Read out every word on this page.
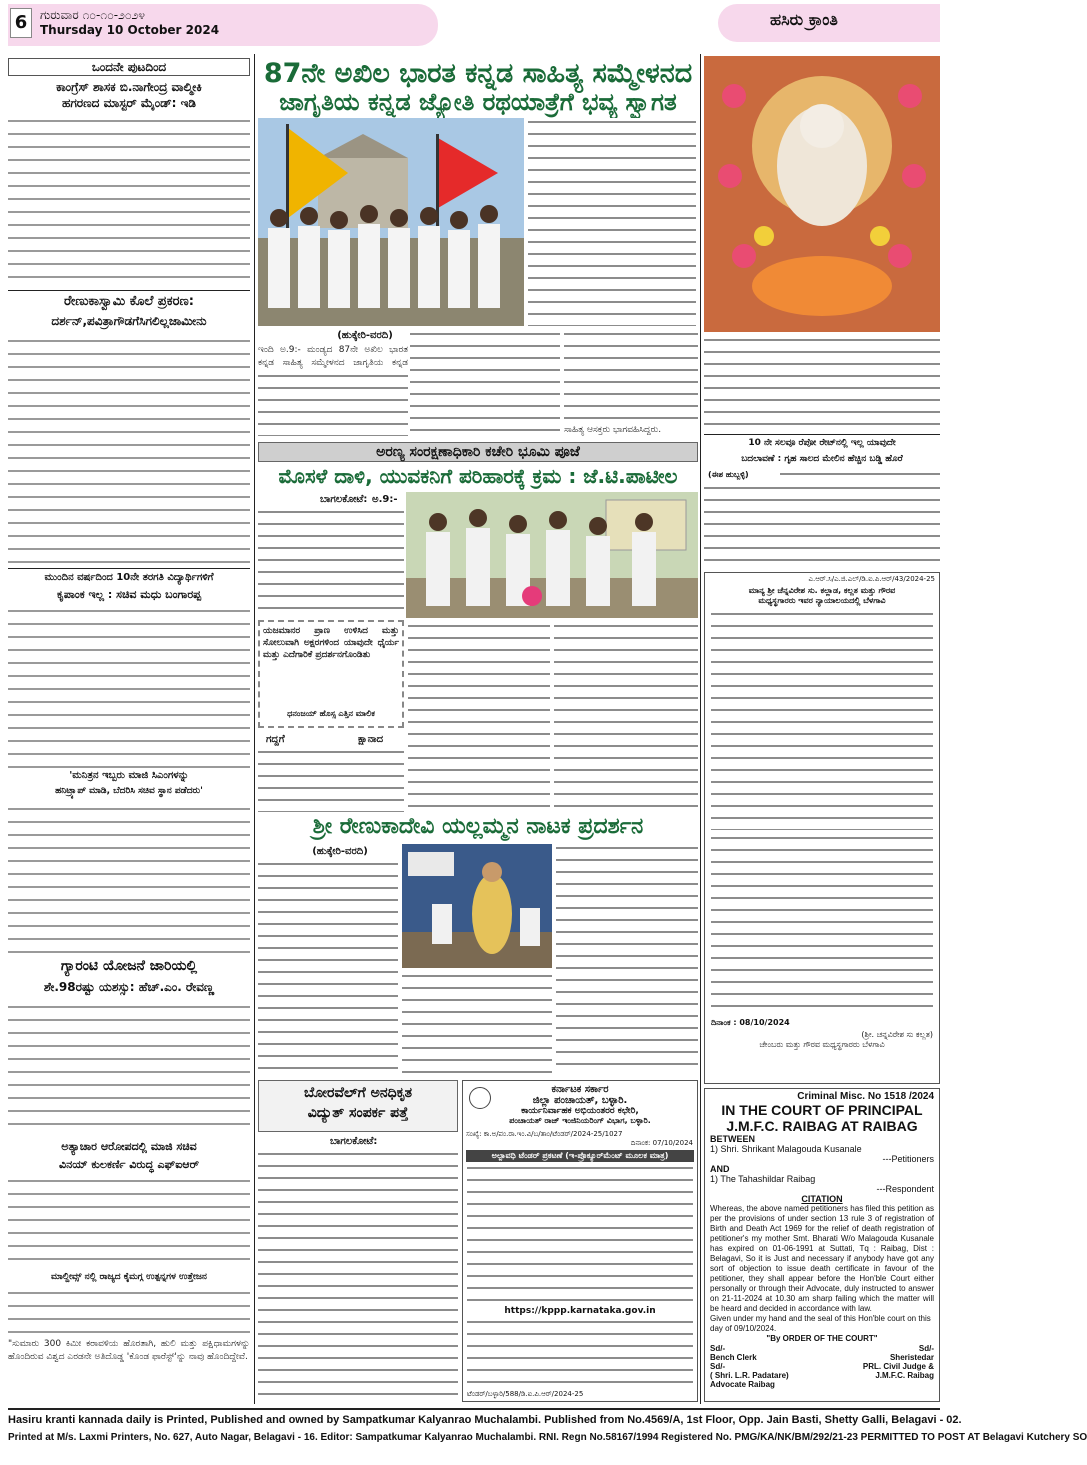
6	ಗುರುವಾರ ೧೦-೧೦-೨೦೨೪
Thursday 10 October 2024
ಹಸಿರು ಕ್ರಾಂತಿ
ಒಂದನೇ ಪುಟದಿಂದ
ಕಾಂಗ್ರೆಸ್ ಶಾಸಕ ಬಿ.ನಾಗೇಂದ್ರ ವಾಲ್ಮೀಕಿ
ಹಗರಣದ ಮಾಸ್ಟರ್ ಮೈಂಡ್: ಇಡಿ
ರೇಣುಕಾಸ್ವಾಮಿ ಕೊಲೆ ಪ್ರಕರಣ:
ದರ್ಶನ್,ಪವಿತ್ರಾಗೌಡಗೆಸಿಗಲಿಲ್ಲಜಾಮೀನು
ಮುಂದಿನ ವರ್ಷದಿಂದ 10ನೇ ತರಗತಿ ವಿದ್ಯಾರ್ಥಿಗಳಿಗೆ
ಕೃಪಾಂಕ ಇಲ್ಲ : ಸಚಿವ ಮಧು ಬಂಗಾರಪ್ಪ
'ಮನಿತ್ರನ ಇಬ್ಬರು ಮಾಜಿ ಸಿಎಂಗಳನ್ನು
ಹನಿಟ್ರ್ಯಾಪ್ ಮಾಡಿ, ಬೆದರಿಸಿ ಸಚಿವ ಸ್ಥಾನ ಪಡೆದರು'
ಗ್ಯಾರಂಟಿ ಯೋಜನೆ ಜಾರಿಯಲ್ಲಿ
ಶೇ.98ರಷ್ಟು ಯಶಸ್ಸು: ಹೆಚ್.ಎಂ. ರೇವಣ್ಣ
ಅತ್ಯಾಚಾರ ಆರೋಪದಲ್ಲಿ ಮಾಜಿ ಸಚಿವ
ವಿನಯ್ ಕುಲಕರ್ಣಿ ವಿರುದ್ಧ ಎಫ್‌ಐಆರ್
ಮಾಲ್ದೀವ್ಸ್ ನಲ್ಲಿ ರಾಜ್ಯದ ಕೈಮಗ್ಗ ಉತ್ಪನ್ನಗಳ ಉತ್ತೇಜನ
"ಸುಮಾರು 300 ಕಿಮೀ ಕರಾವಳಿಯ ಹೊರತಾಗಿ, ಹುಲಿ ಮತ್ತು ಪಕ್ಷಿಧಾಮಗಳನ್ನು ಹೊಂದಿರುವ ವಿಶ್ವದ ಎರಡನೇ ಅತಿದೊಡ್ಡ 'ಕೊಂಡ ಫಾರೆಸ್ಟ್'ನ್ನು ನಾವು ಹೊಂದಿದ್ದೇವೆ.
87ನೇ ಅಖಿಲ ಭಾರತ ಕನ್ನಡ ಸಾಹಿತ್ಯ ಸಮ್ಮೇಳನದ
ಜಾಗೃತಿಯ ಕನ್ನಡ ಜ್ಯೋತಿ ರಥಯಾತ್ರೆಗೆ ಭವ್ಯ ಸ್ವಾಗತ
(ಹುಕ್ಕೇರಿ-ವರದಿ)
ಇಂದಿ ಅ.9:- ಮಂಡ್ಯದ 87ನೇ ಅಖಿಲ ಭಾರತ ಕನ್ನಡ ಸಾಹಿತ್ಯ ಸಮ್ಮೇಳನದ ಜಾಗೃತಿಯ ಕನ್ನಡ
ಸಾಹಿತ್ಯ ಆಸಕ್ತರು ಭಾಗವಹಿಸಿದ್ದರು.
ಅರಣ್ಯ ಸಂರಕ್ಷಣಾಧಿಕಾರಿ ಕಚೇರಿ ಭೂಮಿ ಪೂಜೆ
ಮೊಸಳೆ ದಾಳಿ, ಯುವಕನಿಗೆ ಪರಿಹಾರಕ್ಕೆ ಕ್ರಮ : ಜೆ.ಟಿ.ಪಾಟೀಲ
ಬಾಗಲಕೋಟೆ: ಅ.9:-
ಯಜಮಾನರ ಪ್ರಾಣ ಉಳಿಸಿದ ಮತ್ತು ಸೋಲುವಾಗಿ ಅಕ್ಷರಗಳಿಂದ ಯಾವುದೇ ಧೈರ್ಯ ಮತ್ತು ಎದೆಗಾರಿಕೆ ಪ್ರದರ್ಶನಗೊಂಡಿತು
ಧನಂಜಯ್ ಹೊಸ್ಸ ಎತ್ತಿನ ಮಾಲಿಕ
ಗದ್ದಗೆ	ಕ್ಷಾನಾದ
ಶ್ರೀ ರೇಣುಕಾದೇವಿ ಯಲ್ಲಮ್ಮನ ನಾಟಕ ಪ್ರದರ್ಶನ
(ಹುಕ್ಕೇರಿ-ವರದಿ)
ಬೋರವೆಲ್‌ಗೆ ಅನಧಿಕೃತ
ವಿದ್ಯುತ್ ಸಂಪರ್ಕ ಪತ್ತೆ
ಬಾಗಲಕೋಟೆ:
ಕರ್ನಾಟಕ ಸರ್ಕಾರ
ಜಿಲ್ಲಾ ಪಂಚಾಯತ್, ಬಳ್ಳಾರಿ.
ಕಾರ್ಯನಿರ್ವಾಹಕ ಅಭಿಯಂತರರ ಕಛೇರಿ,
ಪಂಚಾಯತ್ ರಾಜ್ ಇಂಜಿನಿಯರಿಂಗ್ ವಿಭಾಗ, ಬಳ್ಳಾರಿ.
ಸಂಖ್ಯೆ: ಕಾ.ಅ/ಪಂ.ರಾ.ಇಂ.ವಿ/ಬ/ತಾಂ/ಟೆಂಡರ್/2024-25/1027
ದಿನಾಂಕ: 07/10/2024
ಅಲ್ಪಾವಧಿ ಟೆಂಡರ್ ಪ್ರಕಟಣೆ (ಇ-ಪ್ರೊಕ್ಯೂರ್‌ಮೆಂಟ್ ಮೂಲಕ ಮಾತ್ರ)
https://kppp.karnataka.gov.in
ಟೆಂಡರ್/ಬಳ್ಳಾರಿ/588/ಡಿ.ಐ.ಪಿ.ಆರ್/2024-25
10 ನೇ ಸಲವೂ ರೆಪೋ ರೇಟ್‌ನಲ್ಲಿ ಇಲ್ಲ ಯಾವುದೇ
ಬದಲಾವಣೆ : ಗೃಹ ಸಾಲದ ಮೇಲಿನ ಹೆಚ್ಚಿನ ಬಡ್ಡಿ ಹೊರೆ
(ಈಶ ಹುಬ್ಬಳ್ಳಿ)
ಎ.ಆರ್.ಸಿ/ಎ.ಜಿ.ಎಲ್/ಡಿ.ಐ.ಪಿ.ಆರ್/43/2024-25
ಮಾನ್ಯ ಶ್ರೀ ಚೆನ್ನವಿರೇಶ ಸು. ಕಲ್ಲಾಡ, ಕಲ್ಲತ ಮತ್ತು ಗೌರವ
ಮಧ್ಯಸ್ಥಗಾರರು ಇವರ ನ್ಯಾಯಾಲಯದಲ್ಲಿ ಬೆಳಗಾವಿ
ದಿನಾಂಕ : 08/10/2024
(ಶ್ರೀ. ಚನ್ನವಿರೇಶ ಸು ಕಲ್ಲತ)
ಚೇಂಬರು ಮತ್ತು ಗೌರವ ಮಧ್ಯಸ್ಥಗಾರರು ಬೆಳಗಾವಿ
Criminal Misc. No 1518 /2024
IN THE COURT OF PRINCIPAL
J.M.F.C. RAIBAG AT RAIBAG
BETWEEN
1) Shri. Shrikant Malagouda Kusanale
---Petitioners
AND
1) The Tahashildar Raibag
---Respondent
CITATION
Whereas, the above named petitioners has filed this petition as per the provisions of under section 13 rule 3 of registration of Birth and Death Act 1969 for the relief of death registration of petitioner's my mother Smt. Bharati W/o Malagouda Kusanale has expired on 01-06-1991 at Suttati, Tq : Raibag, Dist : Belagavi, So it is Just and necessary if anybody have got any sort of objection to issue death certificate in favour of the petitioner, they shall appear before the Hon'ble Court either personally or through their Advocate, duly instructed to answer on 21-11-2024 at 10.30 am sharp failing which the matter will be heard and decided in accordance with law.
Given under my hand and the seal of this Hon'ble court on this day of 09/10/2024.
"By ORDER OF THE COURT"
Sd/-
Bench Clerk
Sd/-
( Shri. L.R. Padatare)
Advocate Raibag
Sd/-
Sheristedar
PRL. Civil Judge &
J.M.F.C. Raibag
Hasiru kranti kannada daily is Printed, Published and owned by Sampatkumar Kalyanrao Muchalambi. Published from No.4569/A, 1st Floor, Opp. Jain Basti, Shetty Galli, Belagavi - 02.
Printed at M/s. Laxmi Printers, No. 627, Auto Nagar, Belagavi - 16. Editor: Sampatkumar Kalyanrao Muchalambi. RNI. Regn No.58167/1994 Registered No. PMG/KA/NK/BM/292/21-23 PERMITTED TO POST AT Belagavi Kutchery SO
